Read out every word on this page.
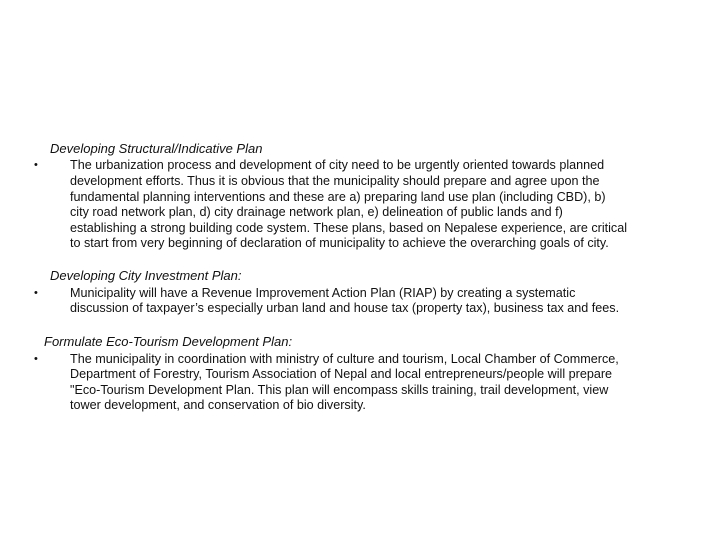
Developing Structural/Indicative Plan
•	The urbanization process and development of city need to be urgently oriented towards planned
development efforts. Thus it is obvious that the municipality should prepare and agree upon the
fundamental planning interventions and these are a) preparing land use plan (including CBD), b)
city road network plan, d) city drainage network plan, e) delineation of public lands and f)
establishing a strong building code system. These plans, based on Nepalese experience, are critical
to start from very beginning of declaration of municipality to achieve the overarching goals of city.
Developing City Investment Plan:
•	Municipality will have a Revenue Improvement Action Plan (RIAP) by creating a systematic
discussion of taxpayer’s especially urban land and house tax (property tax), business tax and fees.
Formulate Eco-Tourism Development Plan:
•	The municipality in coordination with ministry of culture and tourism, Local Chamber of Commerce,
Department of Forestry, Tourism Association of Nepal and local entrepreneurs/people will prepare
"Eco-Tourism Development Plan. This plan will encompass skills training, trail development, view
tower development, and conservation of bio diversity.
